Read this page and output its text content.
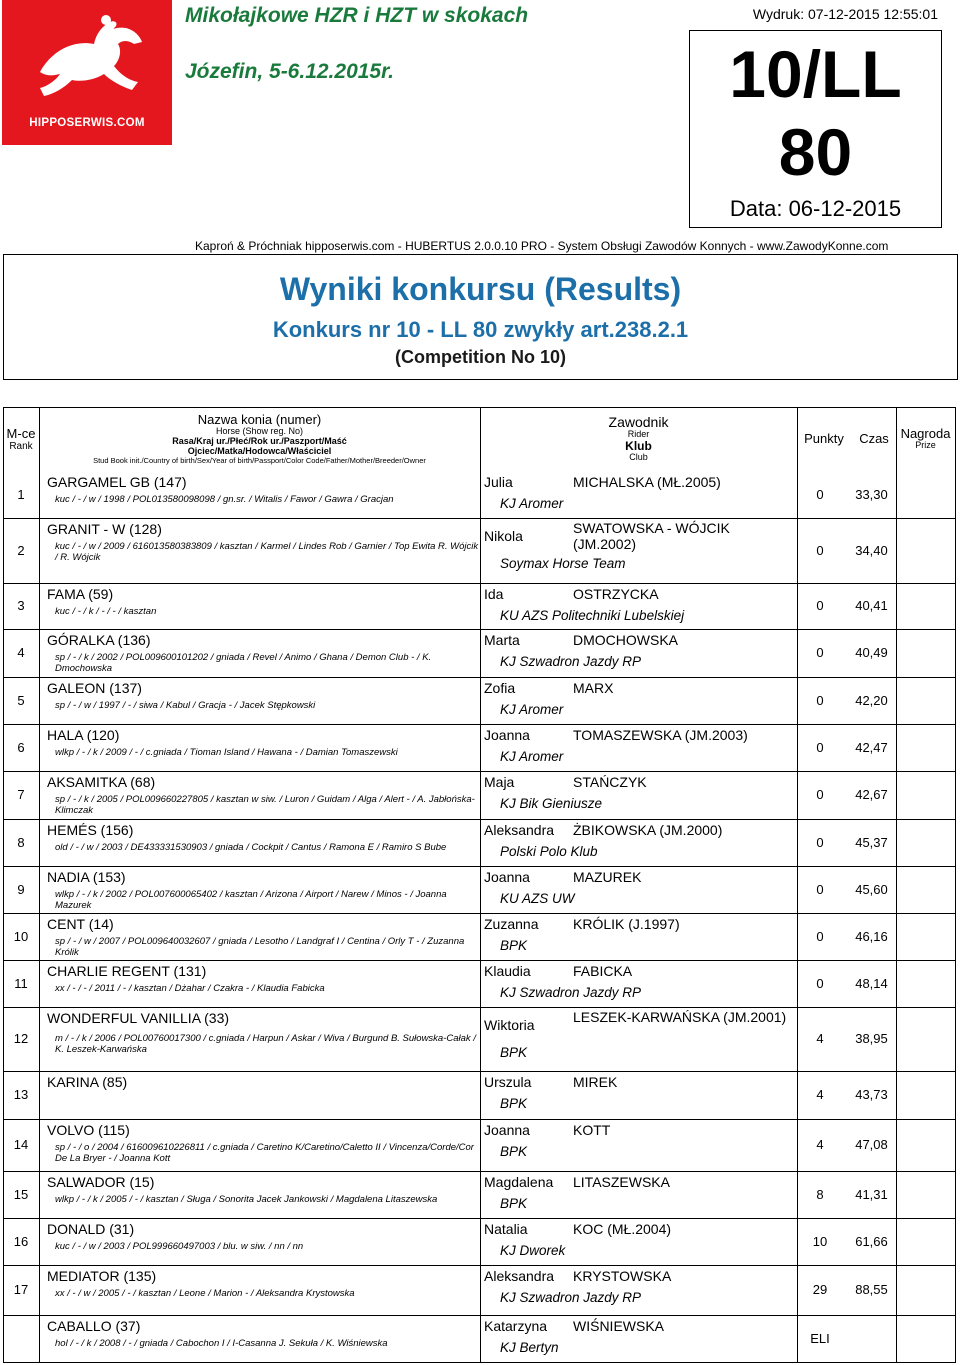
HIPPOSERWIS.COM
Mikołajkowe HZR i HZT w skokach
Józefin, 5-6.12.2015r.
Wydruk: 07-12-2015 12:55:01
10/LL
80
Data: 06-12-2015
Kaproń & Próchniak hipposerwis.com - HUBERTUS 2.0.0.10 PRO - System Obsługi Zawodów Konnych - www.ZawodyKonne.com
Wyniki konkursu (Results)
Konkurs nr 10 - LL 80 zwykły art.238.2.1
(Competition No 10)
M-ce
Rank
Nazwa konia (numer)
Horse (Show reg. No)
Rasa/Kraj ur./Płeć/Rok ur./Paszport/Maść
Ojciec/Matka/Hodowca/Właściciel
Stud Book init./Country of birth/Sex/Year of birth/Passport/Color Code/Father/Mother/Breeder/Owner
Zawodnik
Rider
Klub
Club
Punkty	Czas Nagroda
Prize
1
GARGAMEL GB (147)
kuc / - / w / 1998 / POL013580098098 / gn.sr. / Witalis / Fawor / Gawra / Gracjan
Julia	MICHALSKA (MŁ.2005)
KJ Aromer
0	33,30
2
GRANIT - W (128)
kuc / - / w / 2009 / 616013580383809 / kasztan / Karmel / Lindes Rob / Garnier / Top Ewita R. Wójcik / R. Wójcik
Nikola	SWATOWSKA - WÓJCIK (JM.2002)
Soymax Horse Team
0	34,40
3
FAMA (59)
kuc / - / k / - / - / kasztan
Ida	OSTRZYCKA
KU AZS Politechniki Lubelskiej
0	40,41
4
GÓRALKA (136)
sp / - / k / 2002 / POL009600101202 / gniada / Revel / Animo / Ghana / Demon Club - / K. Dmochowska
Marta	DMOCHOWSKA
KJ Szwadron Jazdy RP
0	40,49
5
GALEON (137)
sp / - / w / 1997 / - / siwa / Kabul / Gracja - / Jacek Stępkowski
Zofia	MARX
KJ Aromer
0	42,20
6
HALA (120)
wlkp / - / k / 2009 / - / c.gniada / Tioman Island / Hawana - / Damian Tomaszewski
Joanna	TOMASZEWSKA (JM.2003)
KJ Aromer
0	42,47
7
AKSAMITKA (68)
sp / - / k / 2005 / POL009660227805 / kasztan w siw. / Luron / Guidam / Alga / Alert - / A. Jabłońska-Klimczak
Maja	STAŃCZYK
KJ Bik Gieniusze
0	42,67
8
HEMÉS (156)
old / - / w / 2003 / DE433331530903 / gniada / Cockpit / Cantus / Ramona E / Ramiro S Bube
Aleksandra ŻBIKOWSKA (JM.2000)
Polski Polo Klub
0	45,37
9
NADIA (153)
wlkp / - / k / 2002 / POL007600065402 / kasztan / Arizona / Airport / Narew / Minos - / Joanna Mazurek
Joanna	MAZUREK
KU AZS UW
0	45,60
10
CENT (14)
sp / - / w / 2007 / POL009640032607 / gniada / Lesotho / Landgraf I / Centina / Orly T - / Zuzanna Królik
Zuzanna KRÓLIK (J.1997)
BPK
0	46,16
11
CHARLIE REGENT (131)
xx / - / - / 2011 / - / kasztan / Dżahar / Czakra - / Klaudia Fabicka
Klaudia	FABICKA
KJ Szwadron Jazdy RP
0	48,14
12
WONDERFUL VANILLIA (33)
m / - / k / 2006 / POL00760017300 / c.gniada / Harpun / Askar / Wiva / Burgund B. Sułowska-Całak / K. Leszek-Karwańska
Wiktoria	LESZEK-KARWAŃSKA (JM.2001)
BPK
4	38,95
13
KARINA (85)	Urszula	MIREK
BPK
4	43,73
14
VOLVO (115)
sp / - / o / 2004 / 616009610226811 / c.gniada / Caretino K/Caretino/Caletto II / Vincenza/Corde/Cor De La Bryer - / Joanna Kott
Joanna	KOTT
BPK	4	47,08
15
SALWADOR (15)
wlkp / - / k / 2005 / - / kasztan / Sługa / Sonorita Jacek Jankowski / Magdalena Litaszewska
Magdalena LITASZEWSKA
BPK
8	41,31
16
DONALD (31)
kuc / - / w / 2003 / POL999660497003 / blu. w siw. / nn / nn
Natalia	KOC (MŁ.2004)
KJ Dworek
10	61,66
17
MEDIATOR (135)
xx / - / w / 2005 / - / kasztan / Leone / Marion - / Aleksandra Krystowska
Aleksandra KRYSTOWSKA
KJ Szwadron Jazdy RP
29	88,55
CABALLO (37)
hol / - / k / 2008 / - / gniada / Cabochon I / I-Casanna J. Sekuła / K. Wiśniewska
Katarzyna WIŚNIEWSKA
KJ Bertyn
ELI
